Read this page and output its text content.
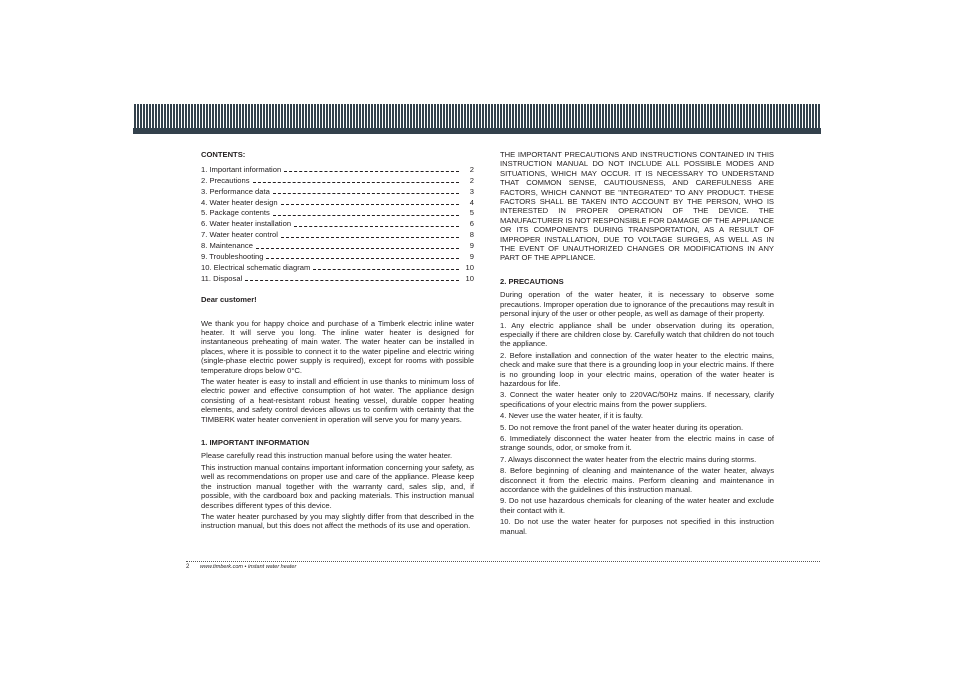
CONTENTS:
1. Important information	2
2. Precautions	2
3. Performance data	3
4. Water heater design	4
5. Package contents	5
6. Water heater installation	6
7. Water heater control	8
8. Maintenance	9
9. Troubleshooting	9
10. Electrical schematic diagram	10
11. Disposal	10
Dear customer!

We thank you for happy choice and purchase of a Timberk electric inline water heater. It will serve you long. The inline water heater is designed for instantaneous preheating of main water. The water heater can be installed in places, where it is possible to connect it to the water pipeline and electric wiring (single-phase electric power supply is required), except for rooms with possible temperature drops below 0°C.

The water heater is easy to install and efficient in use thanks to minimum loss of electric power and effective consumption of hot water. The appliance design consisting of a heat-resistant robust heating vessel, durable copper heating elements, and safety control devices allows us to confirm with certainty that the TIMBERK water heater convenient in operation will serve you for many years.

1. IMPORTANT INFORMATION

Please carefully read this instruction manual before using the water heater.

This instruction manual contains important information concerning your safety, as well as recommendations on proper use and care of the appliance. Please keep the instruction manual together with the warranty card, sales slip, and, if possible, with the cardboard box and packing materials. This instruction manual describes different types of this device.

The water heater purchased by you may slightly differ from that described in the instruction manual, but this does not affect the methods of its use and operation.

THE IMPORTANT PRECAUTIONS AND INSTRUCTIONS CONTAINED IN THIS INSTRUCTION MANUAL DO NOT INCLUDE ALL POSSIBLE MODES AND SITUATIONS, WHICH MAY OCCUR. IT IS NECESSARY TO UNDERSTAND THAT COMMON SENSE, CAUTIOUSNESS, AND CAREFULNESS ARE FACTORS, WHICH CANNOT BE "INTEGRATED" TO ANY PRODUCT. THESE FACTORS SHALL BE TAKEN INTO ACCOUNT BY THE PERSON, WHO IS INTERESTED IN PROPER OPERATION OF THE DEVICE. THE MANUFACTURER IS NOT RESPONSIBLE FOR DAMAGE OF THE APPLIANCE OR ITS COMPONENTS DURING TRANSPORTATION, AS A RESULT OF IMPROPER INSTALLATION, DUE TO VOLTAGE SURGES, AS WELL AS IN THE EVENT OF UNAUTHORIZED CHANGES OR MODIFICATIONS IN ANY PART OF THE APPLIANCE.

2. PRECAUTIONS

During operation of the water heater, it is necessary to observe some precautions. Improper operation due to ignorance of the precautions may result in personal injury of the user or other people, as well as damage of their property.

1. Any electric appliance shall be under observation during its operation, especially if there are children close by. Carefully watch that children do not touch the appliance.

2. Before installation and connection of the water heater to the electric mains, check and make sure that there is a grounding loop in your electric mains. If there is no grounding loop in your electric mains, operation of the water heater is hazardous for life.

3. Connect the water heater only to 220VAC/50Hz mains. If necessary, clarify specifications of your electric mains from the power suppliers.

4. Never use the water heater, if it is faulty.

5. Do not remove the front panel of the water heater during its operation.

6. Immediately disconnect the water heater from the electric mains in case of strange sounds, odor, or smoke from it.

7. Always disconnect the water heater from the electric mains during storms.

8. Before beginning of cleaning and maintenance of the water heater, always disconnect it from the electric mains. Perform cleaning and maintenance in accordance with the guidelines of this instruction manual.

9. Do not use hazardous chemicals for cleaning of the water heater and exclude their contact with it.

10. Do not use the water heater for purposes not specified in this instruction manual.

2 www.timberk.com • instant water heater
